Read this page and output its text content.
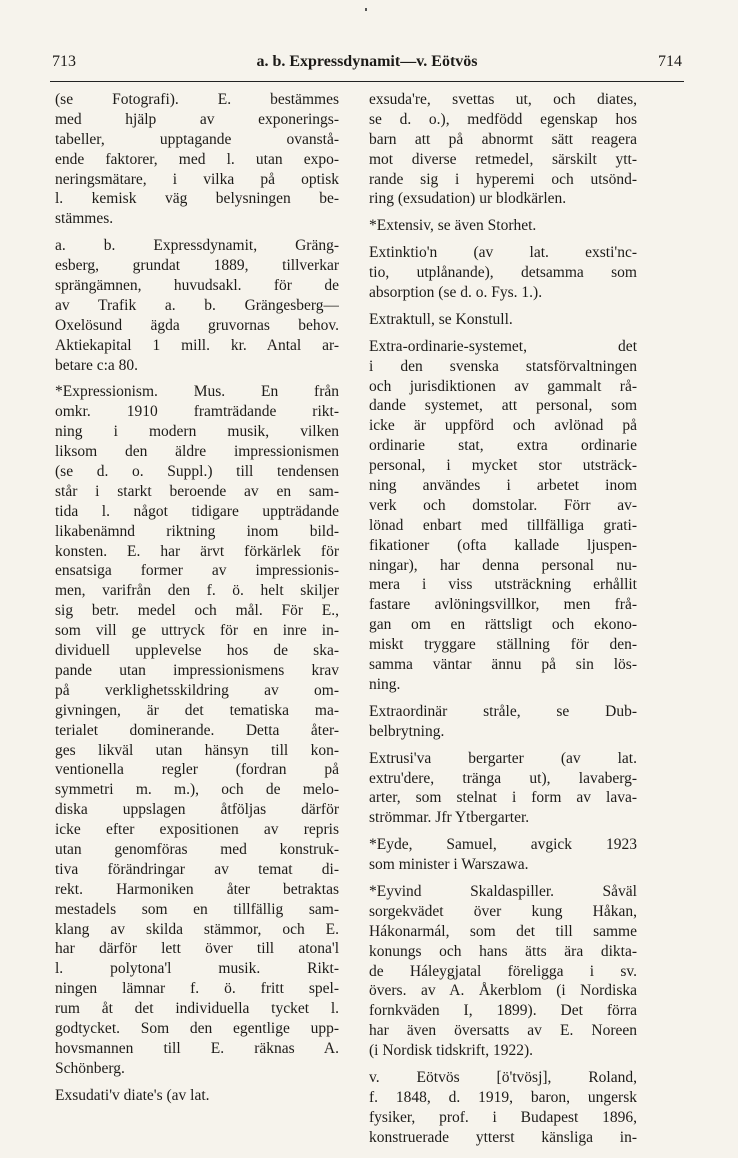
713	a. b. Expressdynamit—v. Eötvös	714
(se Fotografi). E. bestämmes
med hjälp av exponerings-
tabeller, upptagande ovanstå-
ende faktorer, med l. utan expo-
neringsmätare, i vilka på optisk
l. kemisk väg belysningen be-
stämmes.
a. b. Expressdynamit, Gräng-
esberg, grundat 1889, tillverkar
sprängämnen, huvudsakl. för de
av Trafik a. b. Grängesberg—
Oxelösund ägda gruvornas behov.
Aktiekapital 1 mill. kr. Antal ar-
betare c:a 80.
*Expressionism. Mus. En från
omkr. 1910 framträdande rikt-
ning i modern musik, vilken
liksom den äldre impressionismen
(se d. o. Suppl.) till tendensen
står i starkt beroende av en sam-
tida l. något tidigare uppträdande
likabenämnd riktning inom bild-
konsten. E. har ärvt förkärlek för
ensatsiga former av impressionis-
men, varifrån den f. ö. helt skiljer
sig betr. medel och mål. För E.,
som vill ge uttryck för en inre in-
dividuell upplevelse hos de ska-
pande utan impressionismens krav
på verklighetsskildring av om-
givningen, är det tematiska ma-
terialet dominerande. Detta åter-
ges likväl utan hänsyn till kon-
ventionella regler (fordran på
symmetri m. m.), och de melo-
diska uppslagen åtföljas därför
icke efter expositionen av repris
utan genomföras med konstruk-
tiva förändringar av temat di-
rekt. Harmoniken åter betraktas
mestadels som en tillfällig sam-
klang av skilda stämmor, och E.
har därför lett över till atona'l
l. polytona'l musik. Rikt-
ningen lämnar f. ö. fritt spel-
rum åt det individuella tycket l.
godtycket. Som den egentlige upp-
hovsmannen till E. räknas A.
Schönberg.
Exsudati'v diate's (av lat.
exsuda're, svettas ut, och diates,
se d. o.), medfödd egenskap hos
barn att på abnormt sätt reagera
mot diverse retmedel, särskilt ytt-
rande sig i hyperemi och utsönd-
ring (exsudation) ur blodkärlen.
*Extensiv, se även Storhet.
Extinktio'n (av lat. exsti'nc-
tio, utplånande), detsamma som
absorption (se d. o. Fys. 1.).
Extraktull, se Konstull.
Extra-ordinarie-systemet, det
i den svenska statsförvaltningen
och jurisdiktionen av gammalt rå-
dande systemet, att personal, som
icke är uppförd och avlönad på
ordinarie stat, extra ordinarie
personal, i mycket stor utsträck-
ning användes i arbetet inom
verk och domstolar. Förr av-
lönad enbart med tillfälliga grati-
fikationer (ofta kallade ljuspen-
ningar), har denna personal nu-
mera i viss utsträckning erhållit
fastare avlöningsvillkor, men frå-
gan om en rättsligt och ekono-
miskt tryggare ställning för den-
samma väntar ännu på sin lös-
ning.
Extraordinär stråle, se Dub-
belbrytning.
Extrusi'va bergarter (av lat.
extru'dere, tränga ut), lavaberg-
arter, som stelnat i form av lava-
strömmar. Jfr Ytbergarter.
*Eyde, Samuel, avgick 1923
som minister i Warszawa.
*Eyvind Skaldaspiller. Såväl
sorgekvädet över kung Håkan,
Hákonarmál, som det till samme
konungs och hans ätts ära dikta-
de Háleygjatal föreligga i sv.
övers. av A. Åkerblom (i Nordiska
fornkväden I, 1899). Det förra
har även översatts av E. Noreen
(i Nordisk tidskrift, 1922).
v. Eötvös [ö'tvösj], Roland,
f. 1848, d. 1919, baron, ungersk
fysiker, prof. i Budapest 1896,
konstruerade ytterst känsliga in-
